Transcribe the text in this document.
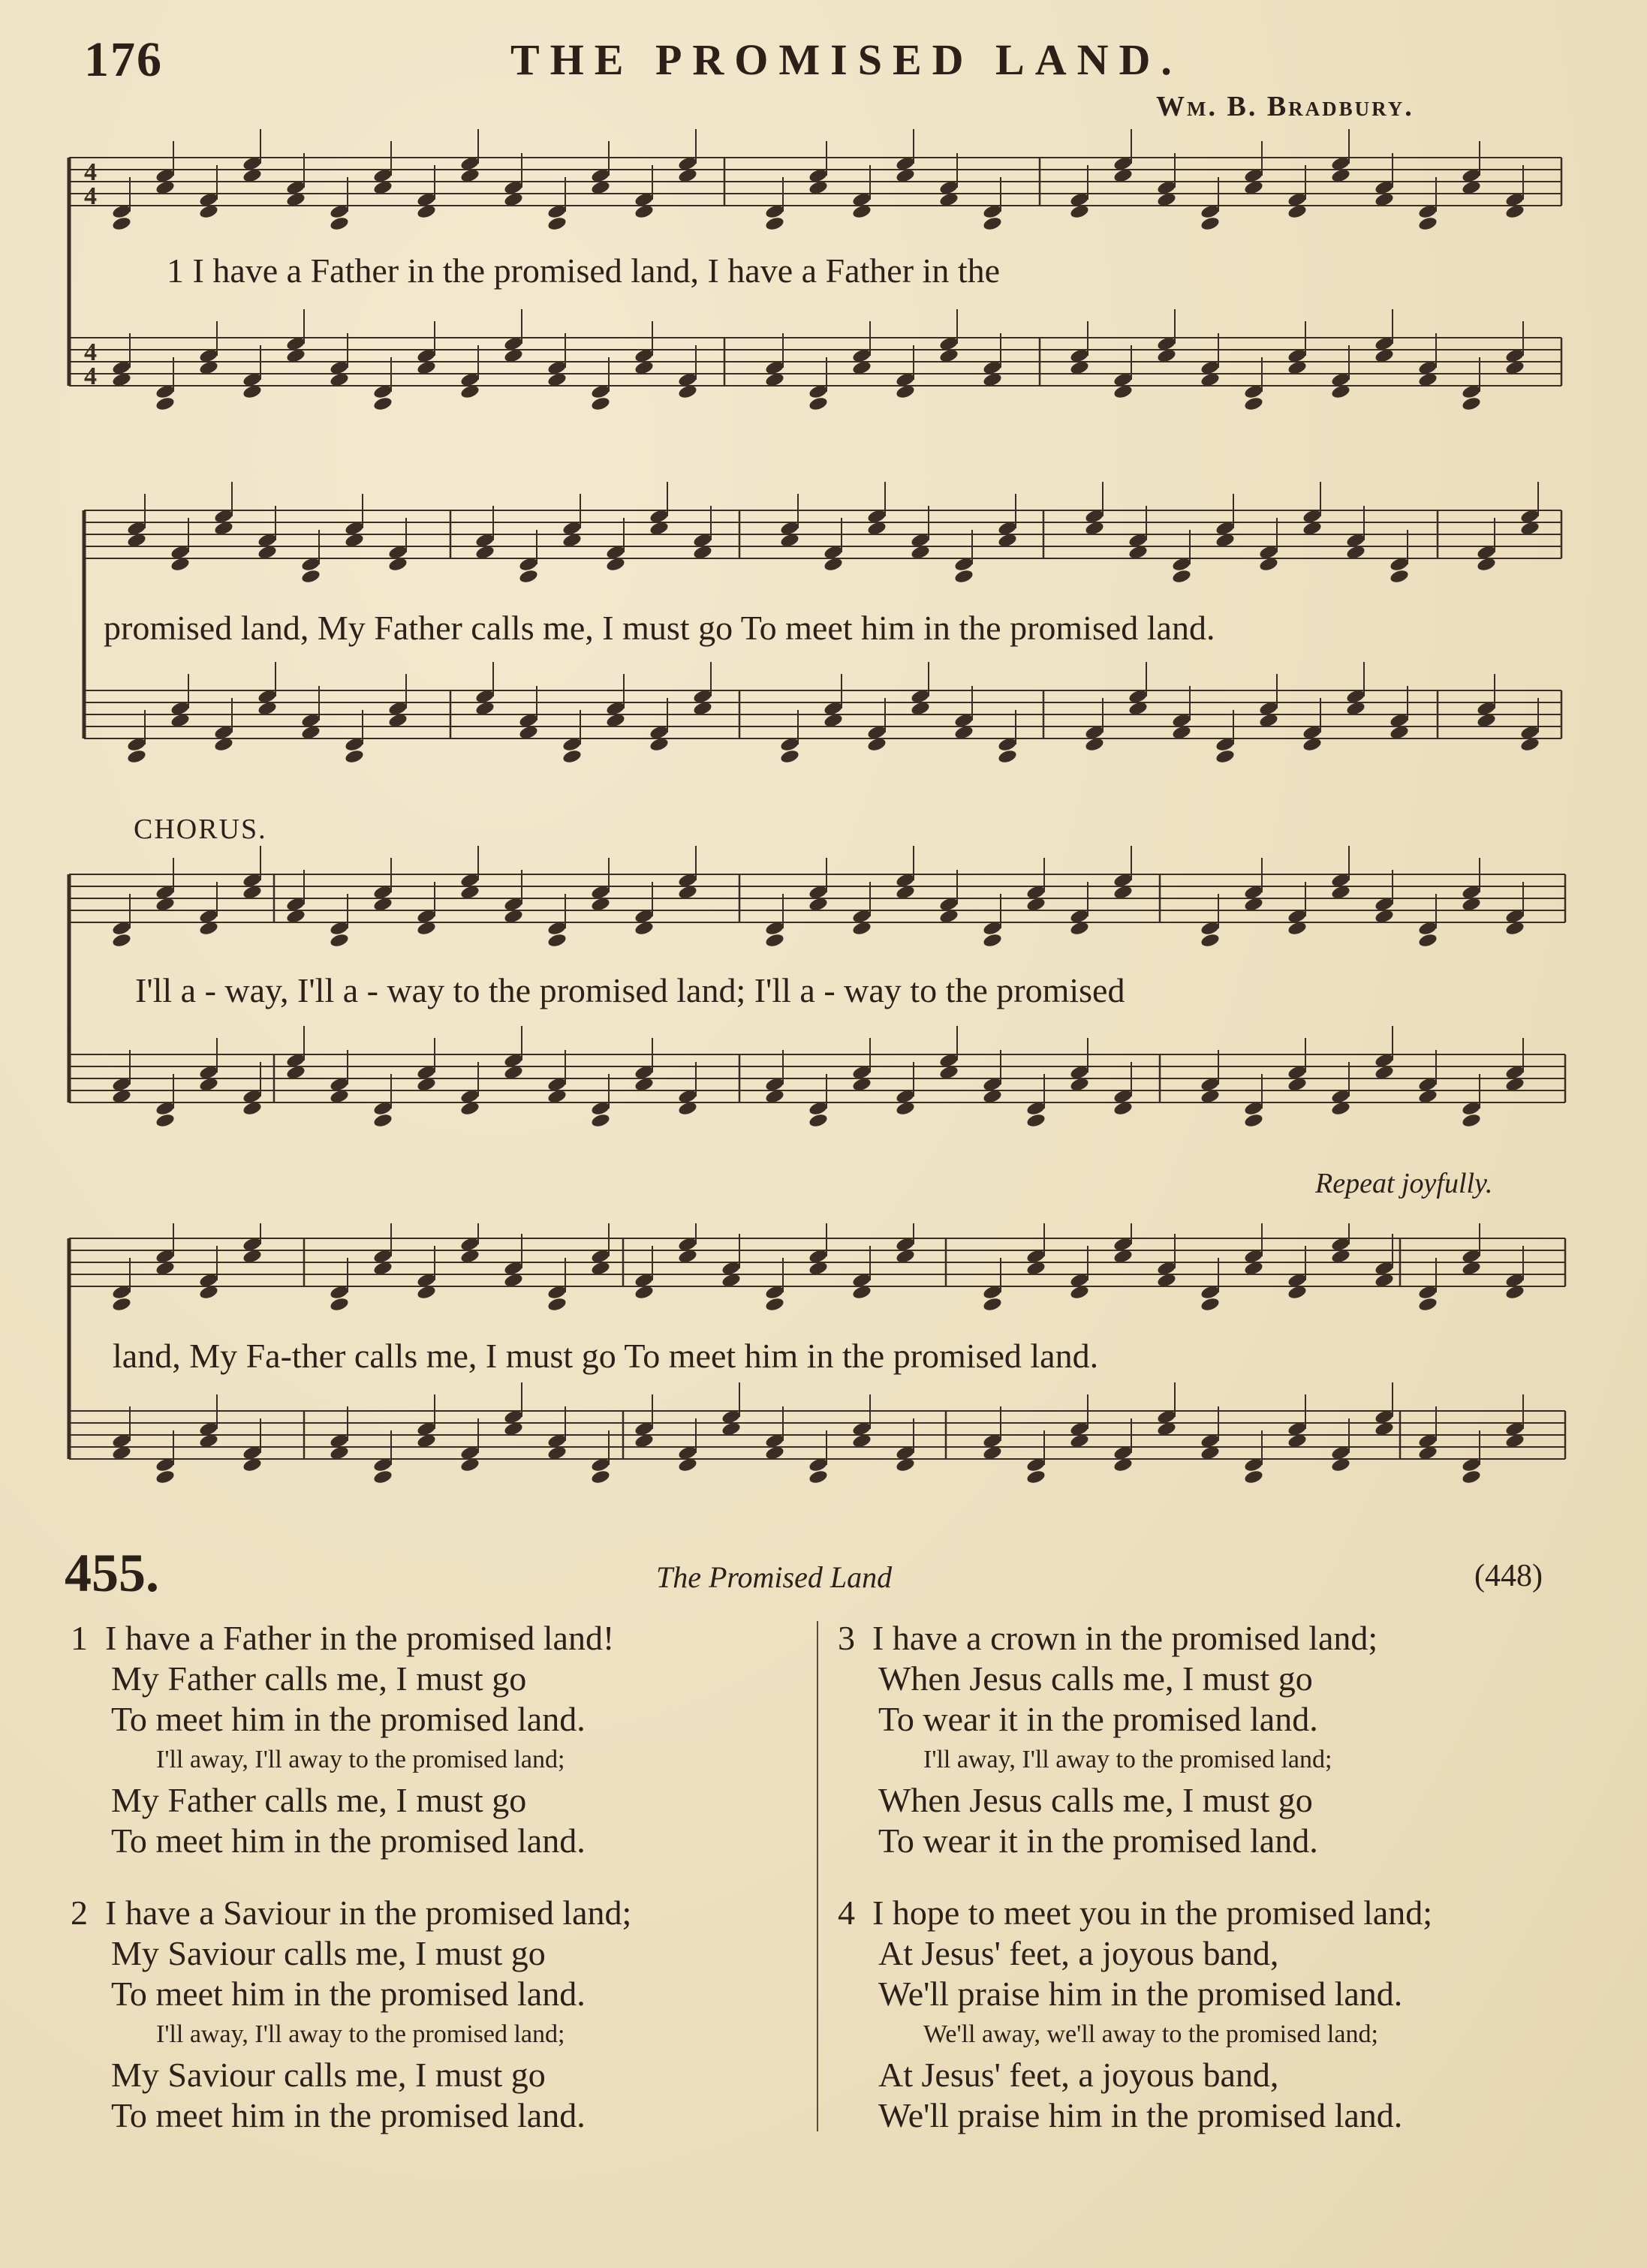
176	THE PROMISED LAND.
Wm. B. Bradbury.
4
4
4
4
1 I have a Father in the promised land, I have a Father in the
promised land, My Father calls me, I must go To meet him in the promised land.
CHORUS.
I'll a - way, I'll a - way to the promised land; I'll a - way to the promised
Repeat joyfully.
land, My Fa-ther calls me, I must go To meet him in the promised land.
455.	The Promised Land	(448)
1 I have a Father in the promised land!
My Father calls me, I must go
To meet him in the promised land.
I'll away, I'll away to the promised land;
My Father calls me, I must go
To meet him in the promised land.
2 I have a Saviour in the promised land;
My Saviour calls me, I must go
To meet him in the promised land.
I'll away, I'll away to the promised land;
My Saviour calls me, I must go
To meet him in the promised land.
3 I have a crown in the promised land;
When Jesus calls me, I must go
To wear it in the promised land.
I'll away, I'll away to the promised land;
When Jesus calls me, I must go
To wear it in the promised land.
4 I hope to meet you in the promised land;
At Jesus' feet, a joyous band,
We'll praise him in the promised land.
We'll away, we'll away to the promised land;
At Jesus' feet, a joyous band,
We'll praise him in the promised land.
